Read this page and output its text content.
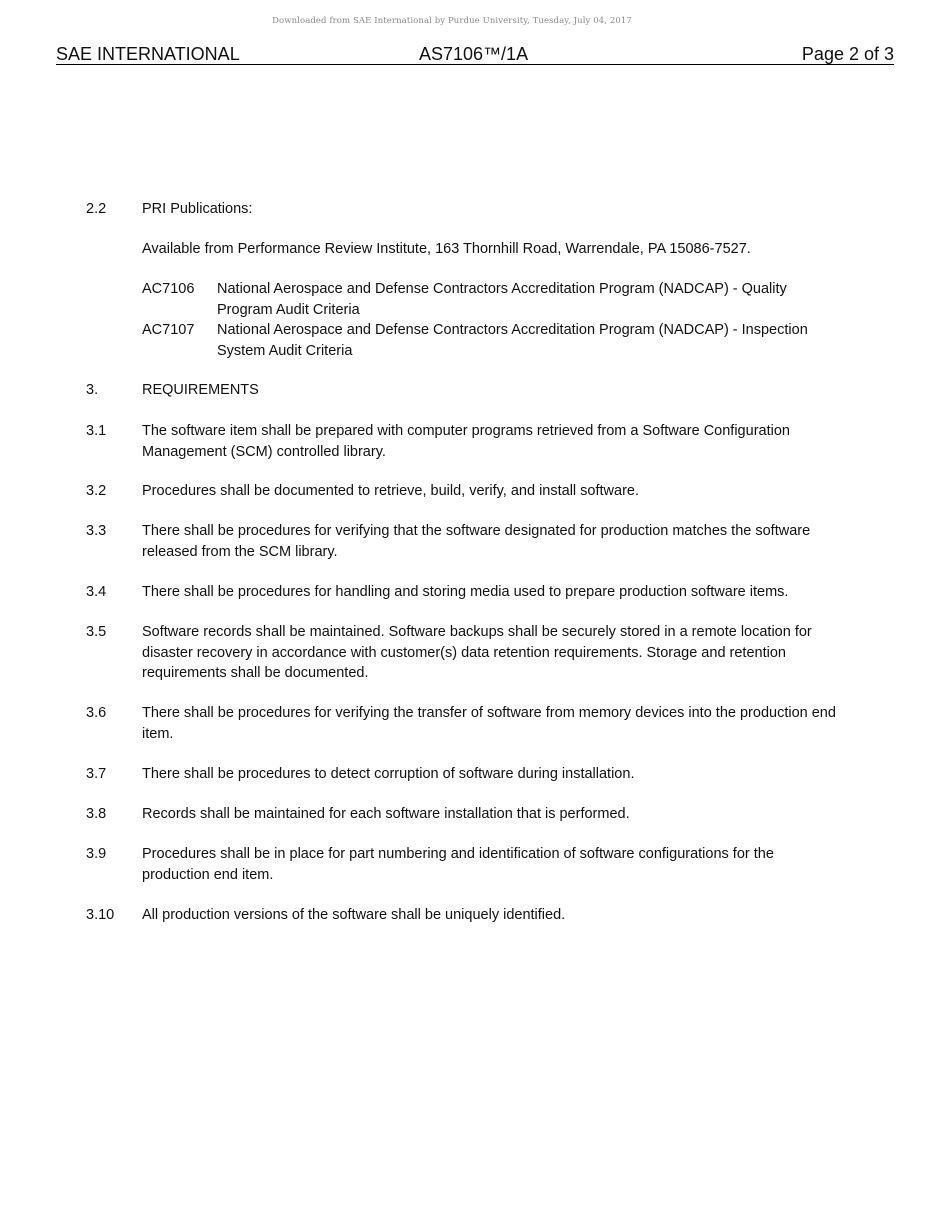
Downloaded from SAE International by Purdue University, Tuesday, July 04, 2017
SAE INTERNATIONAL	AS7106™/1A	Page 2 of 3
2.2 PRI Publications:
Available from Performance Review Institute, 163 Thornhill Road, Warrendale, PA 15086-7527.
AC7106 National Aerospace and Defense Contractors Accreditation Program (NADCAP) - Quality Program Audit Criteria
AC7107 National Aerospace and Defense Contractors Accreditation Program (NADCAP) - Inspection System Audit Criteria
3.	REQUIREMENTS
3.1 The software item shall be prepared with computer programs retrieved from a Software Configuration Management (SCM) controlled library.
3.2 Procedures shall be documented to retrieve, build, verify, and install software.
3.3 There shall be procedures for verifying that the software designated for production matches the software released from the SCM library.
3.4 There shall be procedures for handling and storing media used to prepare production software items.
3.5 Software records shall be maintained. Software backups shall be securely stored in a remote location for disaster recovery in accordance with customer(s) data retention requirements. Storage and retention requirements shall be documented.
3.6 There shall be procedures for verifying the transfer of software from memory devices into the production end item.
3.7 There shall be procedures to detect corruption of software during installation.
3.8 Records shall be maintained for each software installation that is performed.
3.9 Procedures shall be in place for part numbering and identification of software configurations for the production end item.
3.10 All production versions of the software shall be uniquely identified.
